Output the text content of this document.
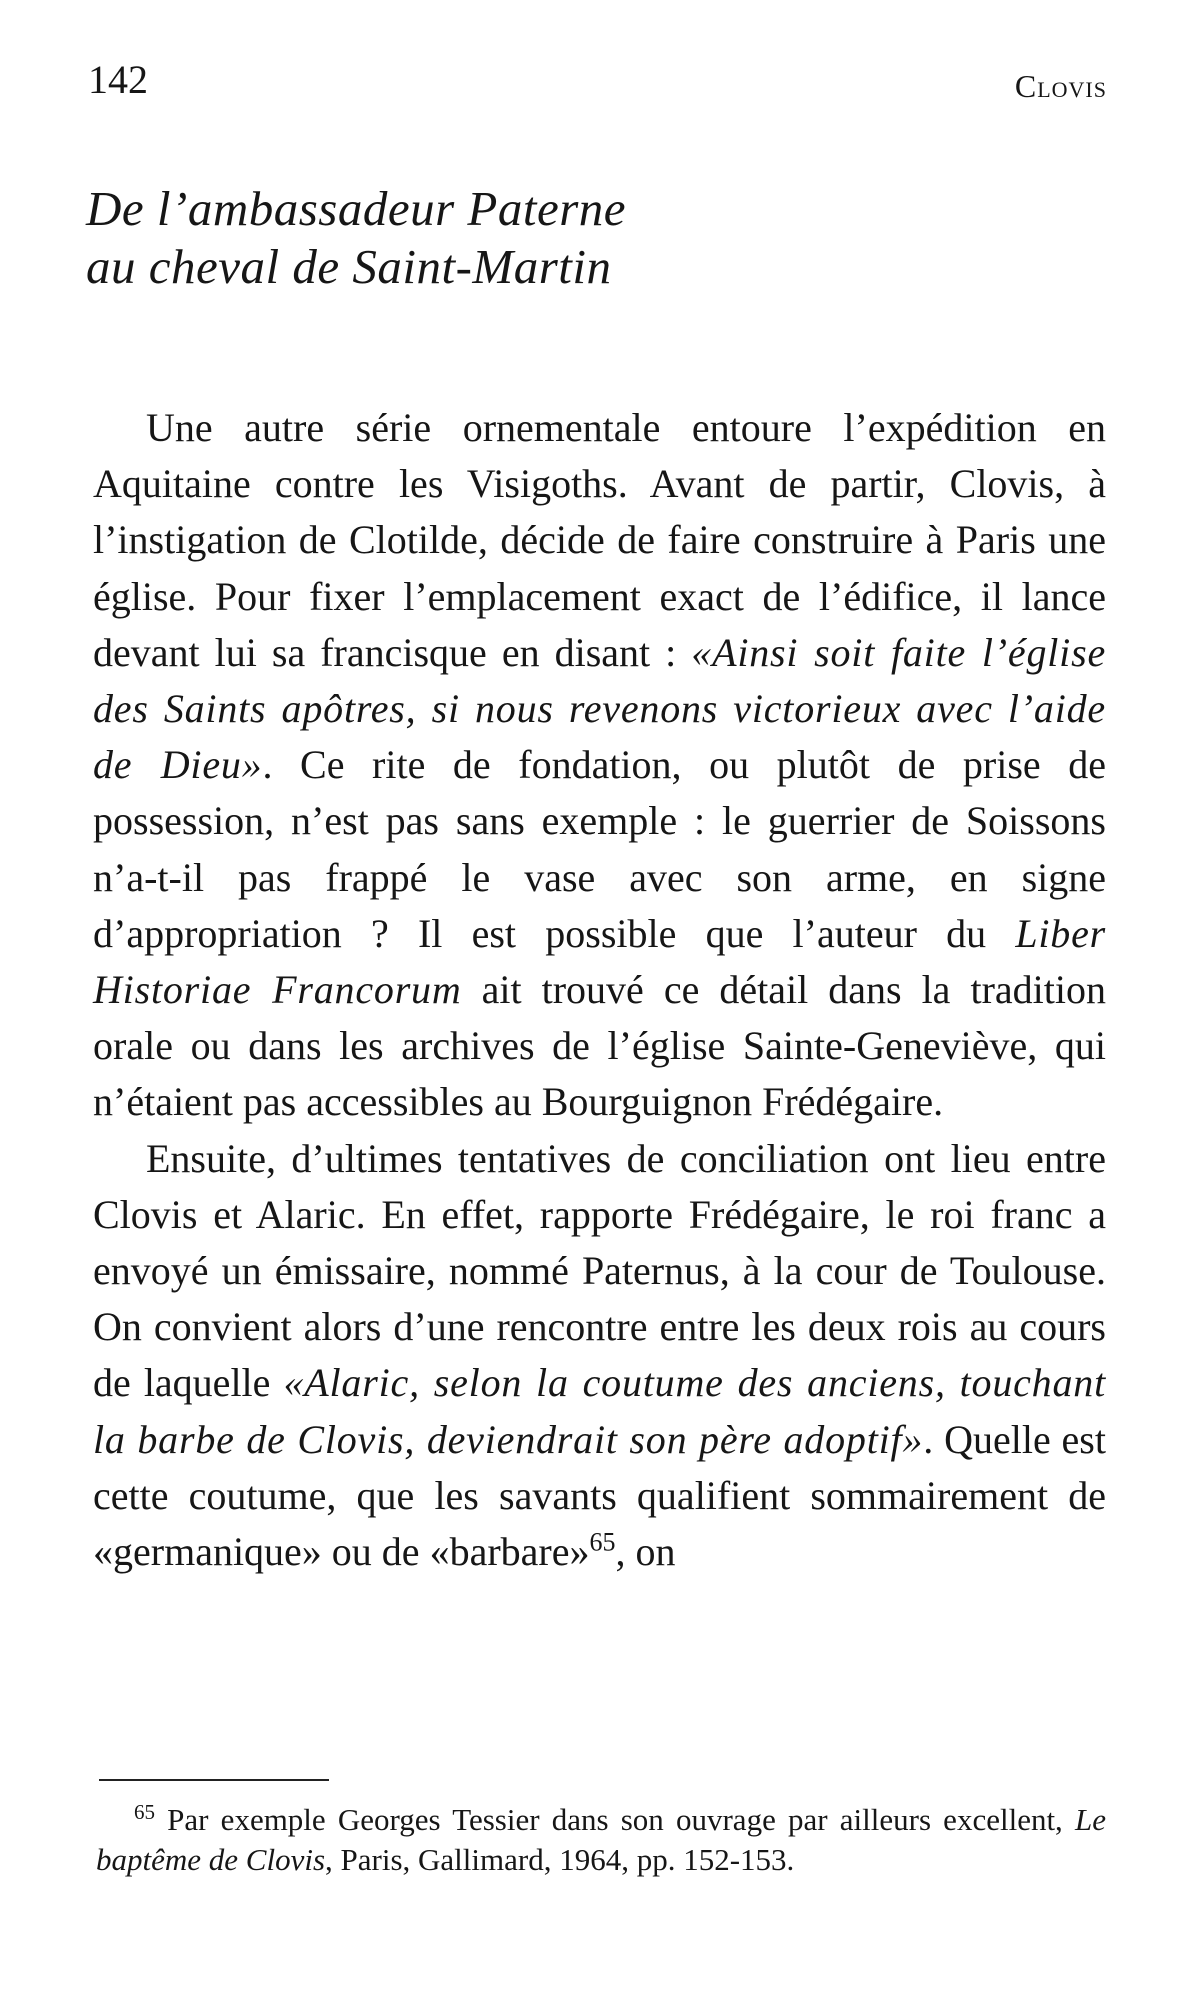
142	Clovis
De l’ambassadeur Paterne
au cheval de Saint-Martin

Une autre série ornementale entoure l’expédition en Aquitaine contre les Visigoths. Avant de partir, Clovis, à l’instigation de Clotilde, décide de faire construire à Paris une église. Pour fixer l’emplacement exact de l’édifice, il lance devant lui sa francisque en disant : «Ainsi soit faite l’église des Saints apôtres, si nous revenons victorieux avec l’aide de Dieu». Ce rite de fondation, ou plutôt de prise de possession, n’est pas sans exemple : le guerrier de Soissons n’a-t-il pas frappé le vase avec son arme, en signe d’appropriation ? Il est possible que l’auteur du Liber Historiae Francorum ait trouvé ce détail dans la tradition orale ou dans les archives de l’église Sainte-Geneviève, qui n’étaient pas accessibles au Bourguignon Frédégaire.

Ensuite, d’ultimes tentatives de conciliation ont lieu entre Clovis et Alaric. En effet, rapporte Frédégaire, le roi franc a envoyé un émissaire, nommé Paternus, à la cour de Toulouse. On convient alors d’une rencontre entre les deux rois au cours de laquelle «Alaric, selon la coutume des anciens, touchant la barbe de Clovis, deviendrait son père adoptif». Quelle est cette coutume, que les savants qualifient sommairement de «germanique» ou de «barbare»$^{65}$, on

$^{65}$ Par exemple Georges Tessier dans son ouvrage par ailleurs excellent, Le baptême de Clovis, Paris, Gallimard, 1964, pp. 152-153.
